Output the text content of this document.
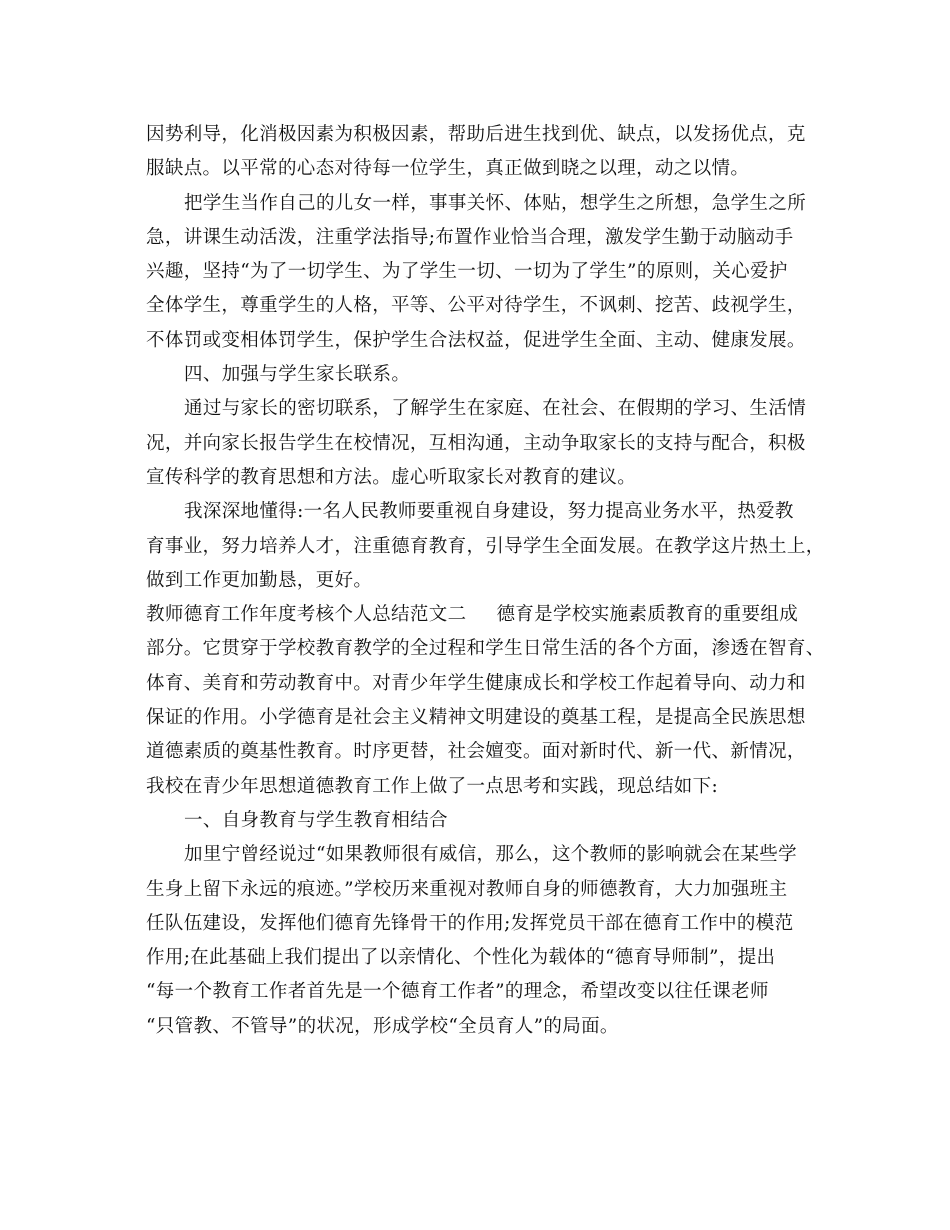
因势利导，化消极因素为积极因素，帮助后进生找到优、缺点，以发扬优点，克

服缺点。以平常的心态对待每一位学生，真正做到晓之以理，动之以情。

把学生当作自己的儿女一样，事事关怀、体贴，想学生之所想，急学生之所

急，讲课生动活泼，注重学法指导;布置作业恰当合理，激发学生勤于动脑动手

兴趣，坚持“为了一切学生、为了学生一切、一切为了学生”的原则，关心爱护

全体学生，尊重学生的人格，平等、公平对待学生，不讽刺、挖苦、歧视学生，

不体罚或变相体罚学生，保护学生合法权益，促进学生全面、主动、健康发展。

四、加强与学生家长联系。

通过与家长的密切联系，了解学生在家庭、在社会、在假期的学习、生活情

况，并向家长报告学生在校情况，互相沟通，主动争取家长的支持与配合，积极

宣传科学的教育思想和方法。虚心听取家长对教育的建议。

我深深地懂得:一名人民教师要重视自身建设，努力提高业务水平，热爱教

育事业，努力培养人才，注重德育教育，引导学生全面发展。在教学这片热土上，

做到工作更加勤恳，更好。

教师德育工作年度考核个人总结范文二 德育是学校实施素质教育的重要组成

部分。它贯穿于学校教育教学的全过程和学生日常生活的各个方面，渗透在智育、

体育、美育和劳动教育中。对青少年学生健康成长和学校工作起着导向、动力和

保证的作用。小学德育是社会主义精神文明建设的奠基工程，是提高全民族思想

道德素质的奠基性教育。时序更替，社会嬗变。面对新时代、新一代、新情况，

我校在青少年思想道德教育工作上做了一点思考和实践，现总结如下:

一、自身教育与学生教育相结合

加里宁曾经说过“如果教师很有威信，那么，这个教师的影响就会在某些学

生身上留下永远的痕迹。”学校历来重视对教师自身的师德教育，大力加强班主

任队伍建设，发挥他们德育先锋骨干的作用;发挥党员干部在德育工作中的模范

作用;在此基础上我们提出了以亲情化、个性化为载体的“德育导师制”，提出

“每一个教育工作者首先是一个德育工作者”的理念，希望改变以往任课老师

“只管教、不管导”的状况，形成学校“全员育人”的局面。
